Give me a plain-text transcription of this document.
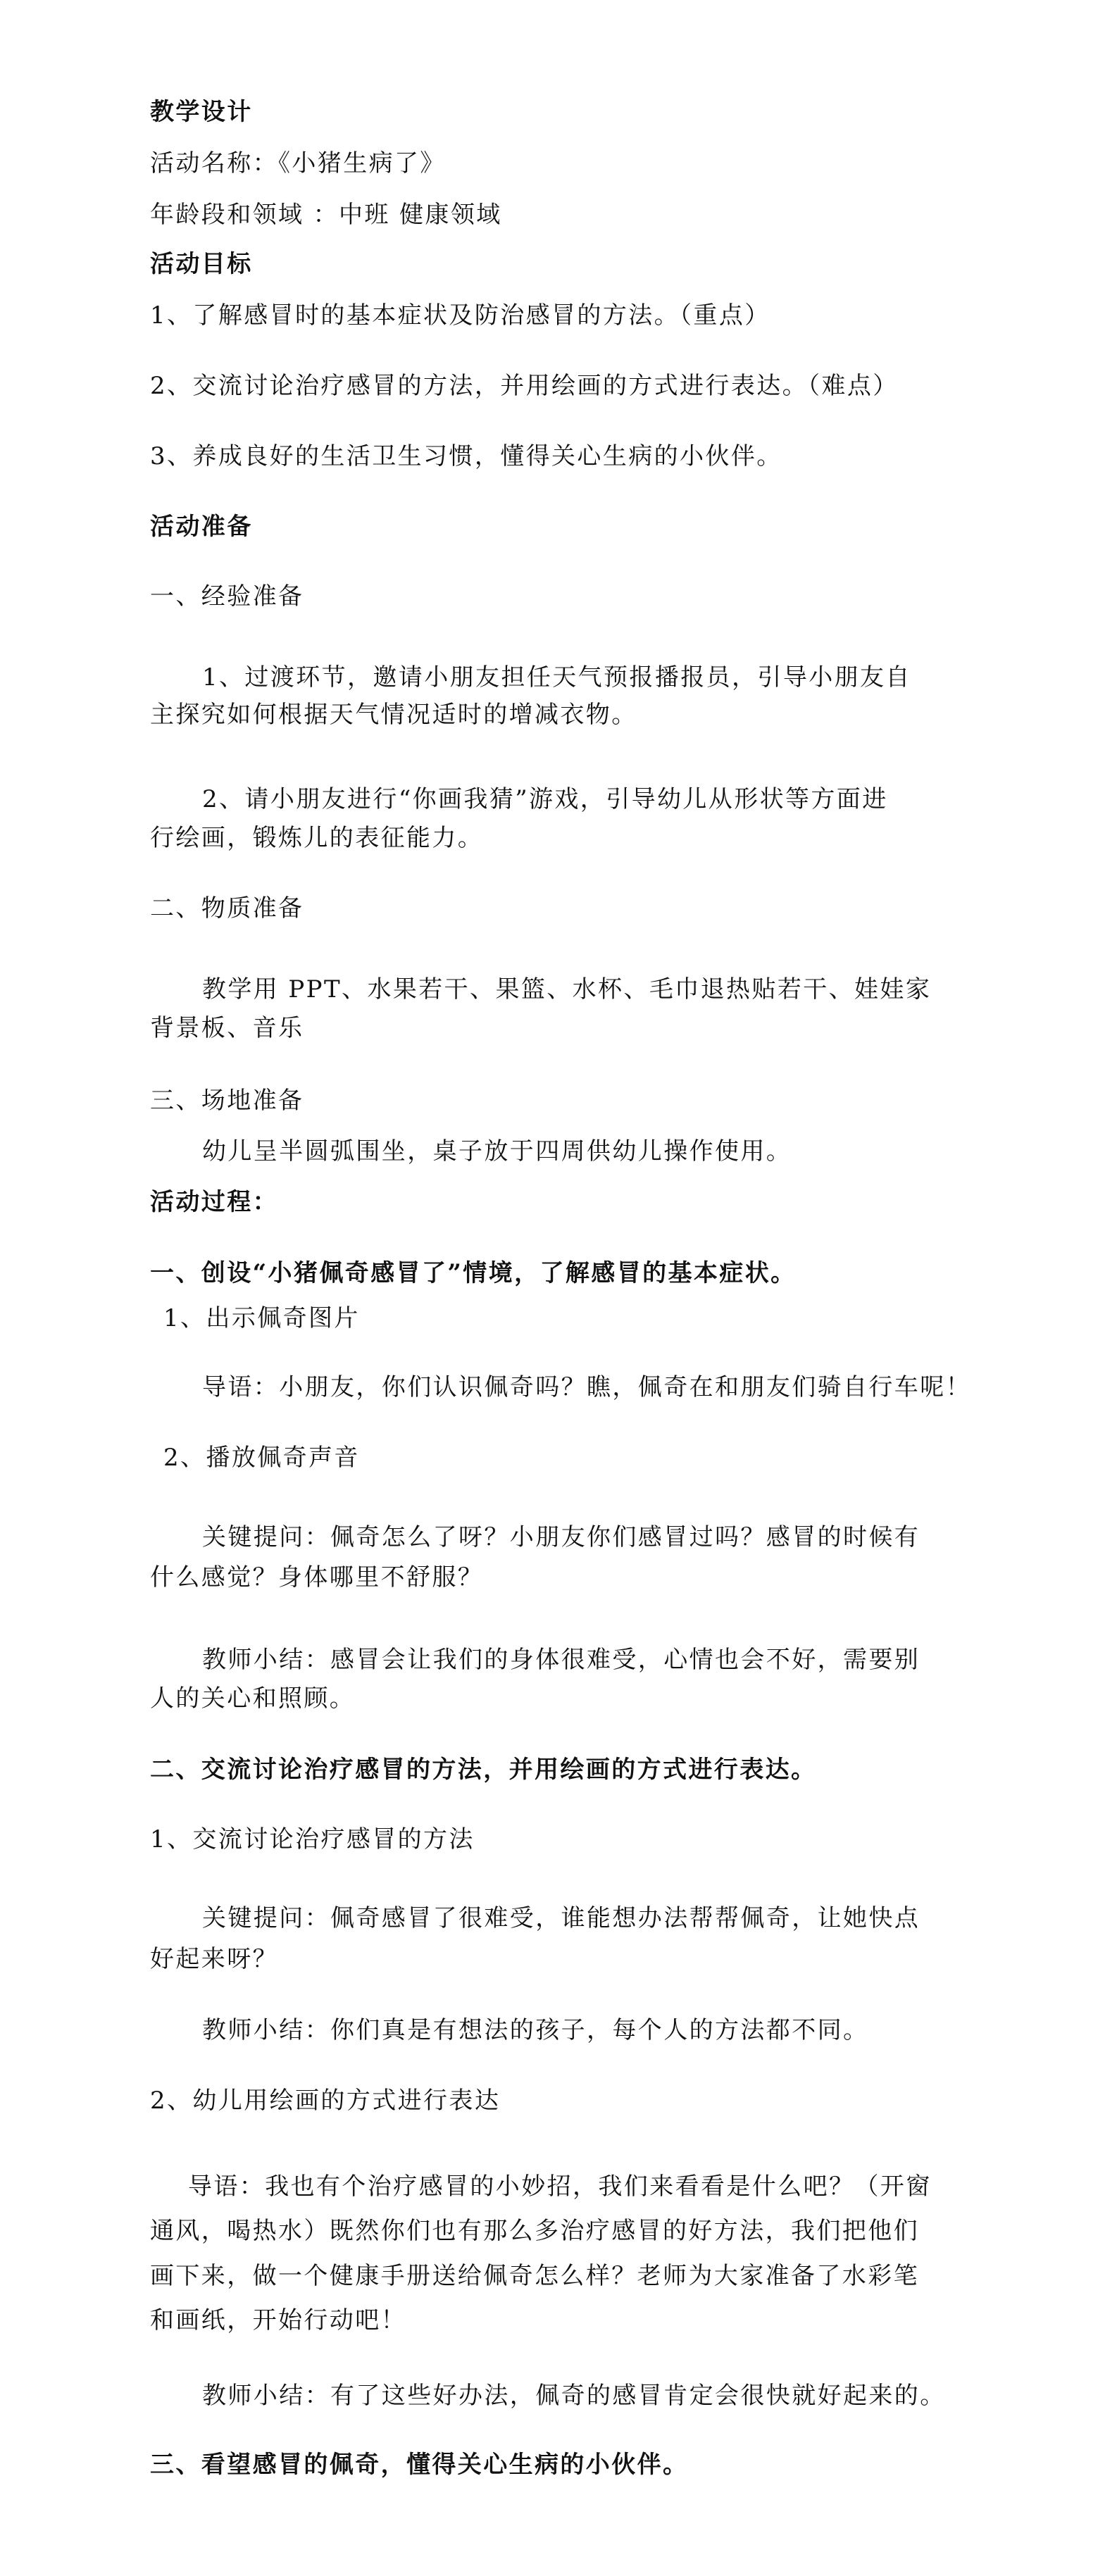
教学设计
活动名称：《小猪生病了》
年龄段和领域 ：中班 健康领域
活动目标
1、了解感冒时的基本症状及防治感冒的方法。（重点）
2、交流讨论治疗感冒的方法，并用绘画的方式进行表达。（难点）
3、养成良好的生活卫生习惯，懂得关心生病的小伙伴。
活动准备
一、经验准备
1、过渡环节，邀请小朋友担任天气预报播报员，引导小朋友自
主探究如何根据天气情况适时的增减衣物。
2、请小朋友进行“你画我猜”游戏，引导幼儿从形状等方面进
行绘画，锻炼儿的表征能力。
二、物质准备
教学用 PPT、水果若干、果篮、水杯、毛巾退热贴若干、娃娃家
背景板、音乐
三、场地准备
幼儿呈半圆弧围坐，桌子放于四周供幼儿操作使用。
活动过程：
一、创设“小猪佩奇感冒了”情境，了解感冒的基本症状。
1、出示佩奇图片
导语：小朋友，你们认识佩奇吗？瞧，佩奇在和朋友们骑自行车呢！
2、播放佩奇声音
关键提问：佩奇怎么了呀？小朋友你们感冒过吗？感冒的时候有
什么感觉？身体哪里不舒服？
教师小结：感冒会让我们的身体很难受，心情也会不好，需要别
人的关心和照顾。
二、交流讨论治疗感冒的方法，并用绘画的方式进行表达。
1、交流讨论治疗感冒的方法
关键提问：佩奇感冒了很难受，谁能想办法帮帮佩奇，让她快点
好起来呀？
教师小结：你们真是有想法的孩子，每个人的方法都不同。
2、幼儿用绘画的方式进行表达
导语：我也有个治疗感冒的小妙招，我们来看看是什么吧？（开窗
通风，喝热水）既然你们也有那么多治疗感冒的好方法，我们把他们
画下来，做一个健康手册送给佩奇怎么样？老师为大家准备了水彩笔
和画纸，开始行动吧！
教师小结：有了这些好办法，佩奇的感冒肯定会很快就好起来的。
三、看望感冒的佩奇，懂得关心生病的小伙伴。
